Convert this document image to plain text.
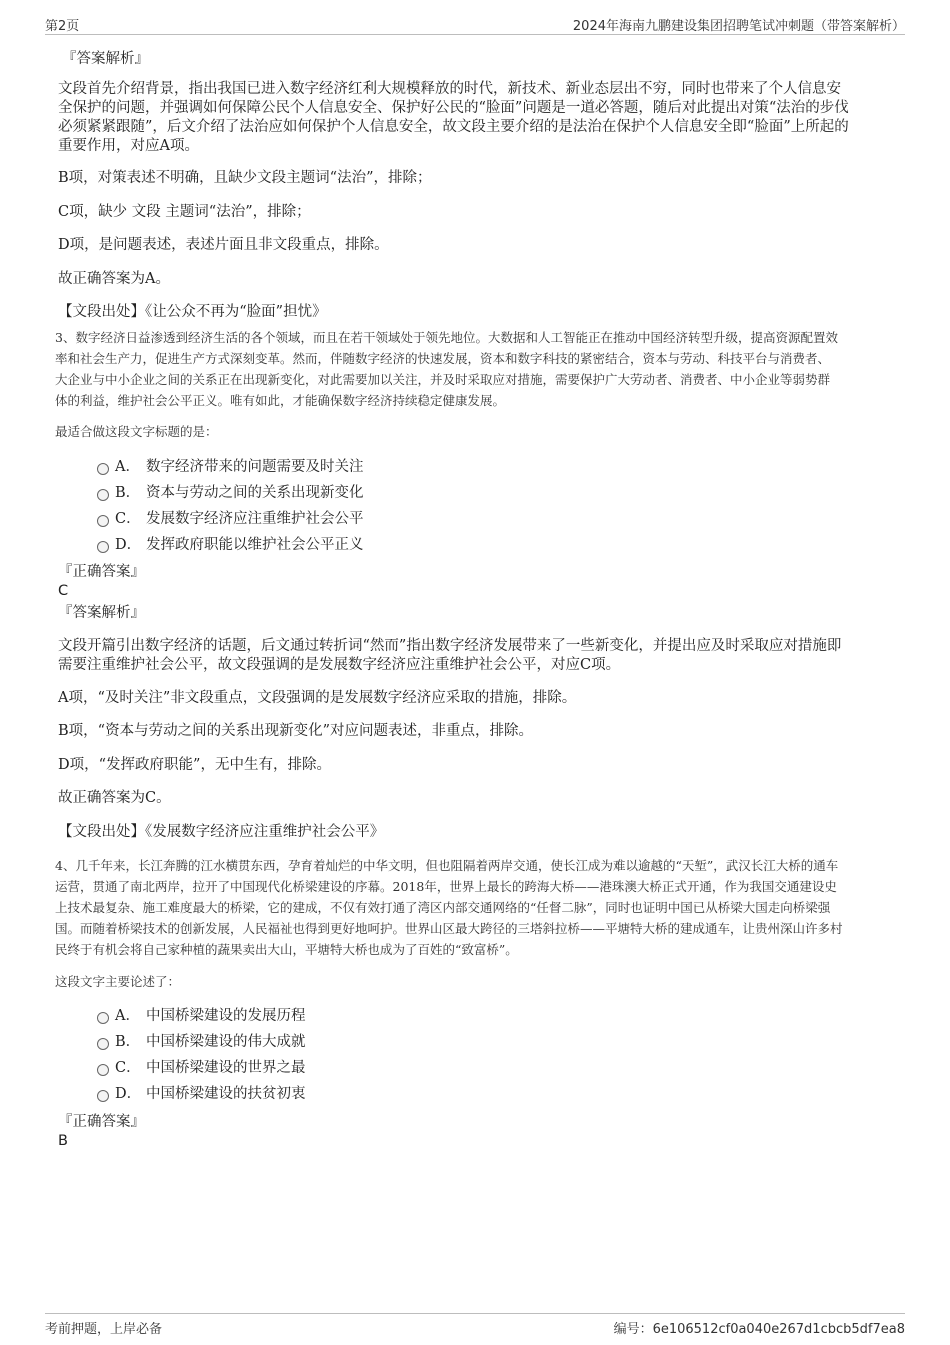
第2页	2024年海南九鹏建设集团招聘笔试冲刺题（带答案解析）
『答案解析』
文段首先介绍背景，指出我国已进入数字经济红利大规模释放的时代，新技术、新业态层出不穷，同时也带来了个人信息安
全保护的问题，并强调如何保障公民个人信息安全、保护好公民的“脸面”问题是一道必答题，随后对此提出对策“法治的步伐
必须紧紧跟随”，后文介绍了法治应如何保护个人信息安全，故文段主要介绍的是法治在保护个人信息安全即“脸面”上所起的
重要作用，对应A项。
B项，对策表述不明确，且缺少文段主题词“法治”，排除；
C项，缺少 文段 主题词“法治”，排除；
D项，是问题表述，表述片面且非文段重点，排除。
故正确答案为A。
【文段出处】《让公众不再为“脸面”担忧》
3、数字经济日益渗透到经济生活的各个领域，而且在若干领域处于领先地位。大数据和人工智能正在推动中国经济转型升级，提高资源配置效
率和社会生产力，促进生产方式深刻变革。然而，伴随数字经济的快速发展，资本和数字科技的紧密结合，资本与劳动、科技平台与消费者、
大企业与中小企业之间的关系正在出现新变化，对此需要加以关注，并及时采取应对措施，需要保护广大劳动者、消费者、中小企业等弱势群
体的利益，维护社会公平正义。唯有如此，才能确保数字经济持续稳定健康发展。
最适合做这段文字标题的是：
A． 数字经济带来的问题需要及时关注
B． 资本与劳动之间的关系出现新变化
C． 发展数字经济应注重维护社会公平
D． 发挥政府职能以维护社会公平正义
『正确答案』
C
『答案解析』
文段开篇引出数字经济的话题，后文通过转折词“然而”指出数字经济发展带来了一些新变化，并提出应及时采取应对措施即
需要注重维护社会公平，故文段强调的是发展数字经济应注重维护社会公平，对应C项。
A项，“及时关注”非文段重点，文段强调的是发展数字经济应采取的措施，排除。
B项，“资本与劳动之间的关系出现新变化”对应问题表述，非重点，排除。
D项，“发挥政府职能”，无中生有，排除。
故正确答案为C。
【文段出处】《发展数字经济应注重维护社会公平》
4、几千年来，长江奔腾的江水横贯东西，孕育着灿烂的中华文明，但也阻隔着两岸交通，使长江成为难以逾越的“天堑”，武汉长江大桥的通车
运营，贯通了南北两岸，拉开了中国现代化桥梁建设的序幕。2018年，世界上最长的跨海大桥——港珠澳大桥正式开通，作为我国交通建设史
上技术最复杂、施工难度最大的桥梁，它的建成，不仅有效打通了湾区内部交通网络的“任督二脉”，同时也证明中国已从桥梁大国走向桥梁强
国。而随着桥梁技术的创新发展，人民福祉也得到更好地呵护。世界山区最大跨径的三塔斜拉桥——平塘特大桥的建成通车，让贵州深山许多村
民终于有机会将自己家种植的蔬果卖出大山，平塘特大桥也成为了百姓的“致富桥”。
这段文字主要论述了：
A． 中国桥梁建设的发展历程
B． 中国桥梁建设的伟大成就
C． 中国桥梁建设的世界之最
D． 中国桥梁建设的扶贫初衷
『正确答案』
B
考前押题，上岸必备	编号：6e106512cf0a040e267d1cbcb5df7ea8
